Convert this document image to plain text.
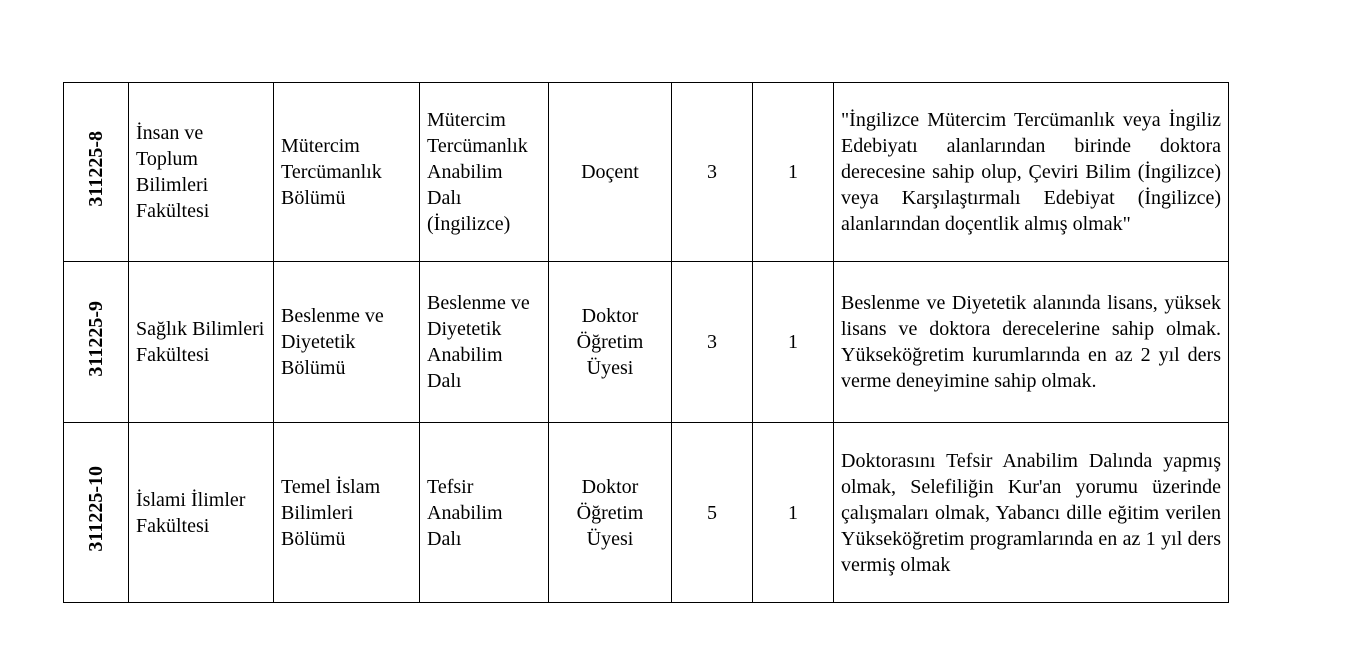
311225-8	İnsan ve Toplum Bilimleri Fakültesi	Mütercim Tercümanlık Bölümü	Mütercim Tercümanlık Anabilim Dalı (İngilizce)	Doçent	3	1	"İngilizce Mütercim Tercümanlık veya İngiliz Edebiyatı alanlarından birinde doktora derecesine sahip olup, Çeviri Bilim (İngilizce) veya Karşılaştırmalı Edebiyat (İngilizce) alanlarından doçentlik almış olmak"

311225-9	Sağlık Bilimleri Fakültesi	Beslenme ve Diyetetik Bölümü	Beslenme ve Diyetetik Anabilim Dalı	Doktor Öğretim Üyesi	3	1	Beslenme ve Diyetetik alanında lisans, yüksek lisans ve doktora derecelerine sahip olmak. Yükseköğretim kurumlarında en az 2 yıl ders verme deneyimine sahip olmak.

311225-10	İslami İlimler Fakültesi	Temel İslam Bilimleri Bölümü	Tefsir Anabilim Dalı	Doktor Öğretim Üyesi	5	1	Doktorasını Tefsir Anabilim Dalında yapmış olmak, Selefiliğin Kur'an yorumu üzerinde çalışmaları olmak, Yabancı dille eğitim verilen Yükseköğretim programlarında en az 1 yıl ders vermiş olmak
